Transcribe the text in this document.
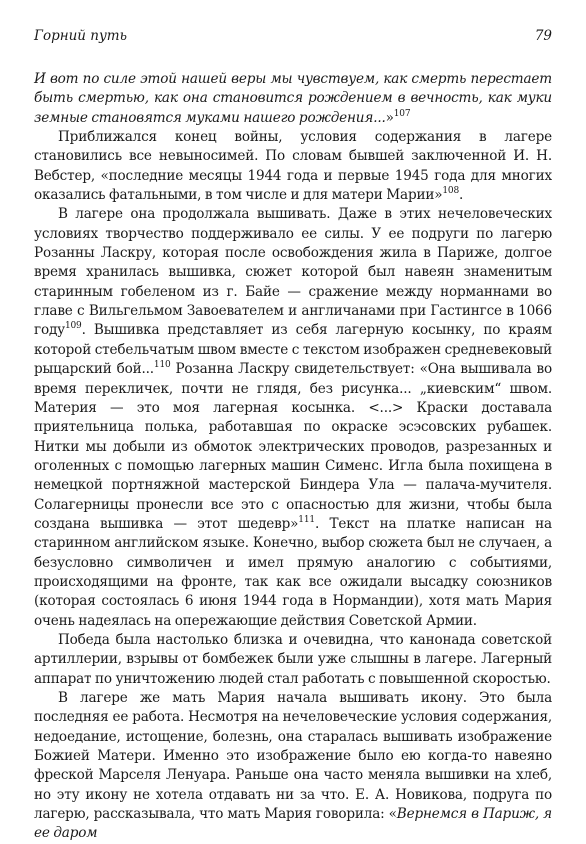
Горний путь	79

И вот по силе этой нашей веры мы чувствуем, как смерть перестает быть смертью, как она становится рождением в вечность, как муки земные становятся муками нашего рождения...»$^{107}$

Приближался конец войны, условия содержания в лагере становились все невыносимей. По словам бывшей заключенной И. Н. Вебстер, «последние месяцы 1944 года и первые 1945 года для многих оказались фатальными, в том числе и для матери Марии»$^{108}$.

В лагере она продолжала вышивать. Даже в этих нечеловеческих условиях творчество поддерживало ее силы. У ее подруги по лагерю Розанны Ласкру, которая после освобождения жила в Париже, долгое время хранилась вышивка, сюжет которой был навеян знаменитым старинным гобеленом из г. Байе — сражение между норманнами во главе с Вильгельмом Завоевателем и англичанами при Гастингсе в 1066 году$^{109}$. Вышивка представляет из себя лагерную косынку, по краям которой стебельчатым швом вместе с текстом изображен средневековый рыцарский бой...$^{110}$ Розанна Ласкру свидетельствует: «Она вышивала во время перекличек, почти не глядя, без рисунка... „киевским“ швом. Материя — это моя лагерная косынка. <...> Краски доставала приятельница полька, работавшая по окраске эсэсовских рубашек. Нитки мы добыли из обмоток электрических проводов, разрезанных и оголенных с помощью лагерных машин Сименс. Игла была похищена в немецкой портняжной мастерской Биндера Ула — палача-мучителя. Солагерницы пронесли все это с опасностью для жизни, чтобы была создана вышивка — этот шедевр»$^{111}$. Текст на платке написан на старинном английском языке. Конечно, выбор сюжета был не случаен, а безусловно символичен и имел прямую аналогию с событиями, происходящими на фронте, так как все ожидали высадку союзников (которая состоялась 6 июня 1944 года в Нормандии), хотя мать Мария очень надеялась на опережающие действия Советской Армии.

Победа была настолько близка и очевидна, что канонада советской артиллерии, взрывы от бомбежек были уже слышны в лагере. Лагерный аппарат по уничтожению людей стал работать с повышенной скоростью.

В лагере же мать Мария начала вышивать икону. Это была последняя ее работа. Несмотря на нечеловеческие условия содержания, недоедание, истощение, болезнь, она старалась вышивать изображение Божией Матери. Именно это изображение было ею когда-то навеяно фреской Марселя Ленуара. Раньше она часто меняла вышивки на хлеб, но эту икону не хотела отдавать ни за что. Е. А. Новикова, подруга по лагерю, рассказывала, что мать Мария говорила: «Вернемся в Париж, я ее даром
